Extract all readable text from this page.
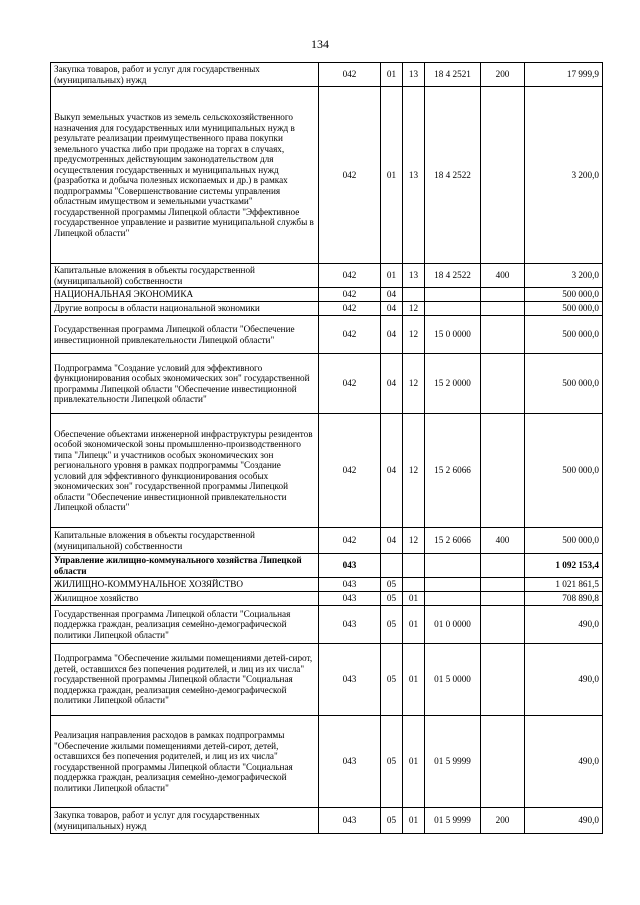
134
Закупка товаров, работ и услуг для государственных (муниципальных) нужд	042	01	13	18 4 2521	200	17 999,9
Выкуп земельных участков из земель сельскохозяйственного назначения для государственных или муниципальных нужд в результате реализации преимущественного права покупки земельного участка либо при продаже на торгах в случаях, предусмотренных действующим законодательством для осуществления государственных и муниципальных нужд (разработка и добыча полезных ископаемых и др.) в рамках подпрограммы "Совершенствование системы управления областным имуществом и земельными участками" государственной программы Липецкой области "Эффективное государственное управление и развитие муниципальной службы в Липецкой области"	042	01	13	18 4 2522		3 200,0
Капитальные вложения в объекты государственной (муниципальной) собственности	042	01	13	18 4 2522	400	3 200,0
НАЦИОНАЛЬНАЯ ЭКОНОМИКА	042	04				500 000,0
Другие вопросы в области национальной экономики	042	04	12			500 000,0
Государственная программа Липецкой области "Обеспечение инвестиционной привлекательности Липецкой области"	042	04	12	15 0 0000		500 000,0
Подпрограмма "Создание условий для эффективного функционирования особых экономических зон" государственной программы Липецкой области "Обеспечение инвестиционной привлекательности Липецкой области"	042	04	12	15 2 0000		500 000,0
Обеспечение объектами инженерной инфраструктуры резидентов особой экономической зоны промышленно-производственного типа "Липецк" и участников особых экономических зон регионального уровня в рамках подпрограммы "Создание условий для эффективного функционирования особых экономических зон" государственной программы Липецкой области "Обеспечение инвестиционной привлекательности Липецкой области"	042	04	12	15 2 6066		500 000,0
Капитальные вложения в объекты государственной (муниципальной) собственности	042	04	12	15 2 6066	400	500 000,0
Управление жилищно-коммунального хозяйства Липецкой области	043					1 092 153,4
ЖИЛИЩНО-КОММУНАЛЬНОЕ ХОЗЯЙСТВО	043	05				1 021 861,5
Жилищное хозяйство	043	05	01			708 890,8
Государственная программа Липецкой области "Социальная поддержка граждан, реализация семейно-демографической политики Липецкой области"	043	05	01	01 0 0000		490,0
Подпрограмма "Обеспечение жилыми помещениями детей-сирот, детей, оставшихся без попечения родителей, и лиц из их числа" государственной программы Липецкой области "Социальная поддержка граждан, реализация семейно-демографической политики Липецкой области"	043	05	01	01 5 0000		490,0
Реализация направления расходов в рамках подпрограммы "Обеспечение жилыми помещениями детей-сирот, детей, оставшихся без попечения родителей, и лиц из их числа" государственной программы Липецкой области "Социальная поддержка граждан, реализация семейно-демографической политики Липецкой области"	043	05	01	01 5 9999		490,0
Закупка товаров, работ и услуг для государственных (муниципальных) нужд	043	05	01	01 5 9999	200	490,0
